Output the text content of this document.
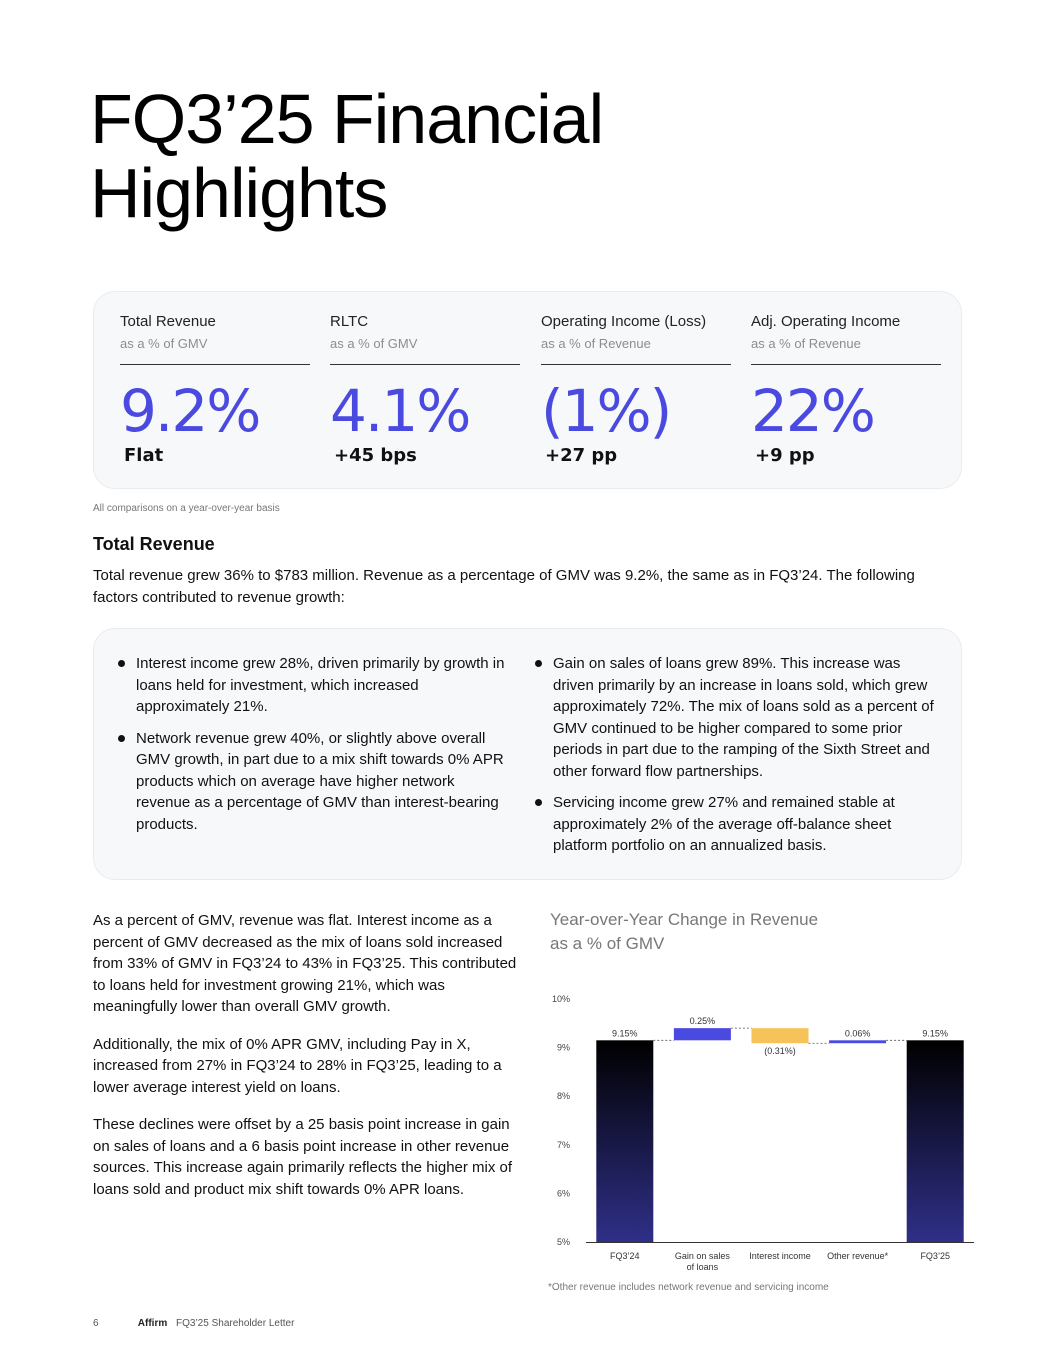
FQ3’25 Financial
Highlights
Total Revenue
as a % of GMV
9.2%
Flat
RLTC
as a % of GMV
4.1%
+45 bps
Operating Income (Loss)
as a % of Revenue
(1%)
+27 pp
Adj. Operating Income
as a % of Revenue
22%
+9 pp
All comparisons on a year-over-year basis
Total Revenue

Total revenue grew 36% to $783 million. Revenue as a percentage of GMV was 9.2%, the same as in FQ3’24. The following factors contributed to revenue growth:

Interest income grew 28%, driven primarily by growth in loans held for investment, which increased approximately 21%.
Network revenue grew 40%, or slightly above overall GMV growth, in part due to a mix shift towards 0% APR products which on average have higher network revenue as a percentage of GMV than interest-bearing products.
Gain on sales of loans grew 89%. This increase was driven primarily by an increase in loans sold, which grew approximately 72%. The mix of loans sold as a percent of GMV continued to be higher compared to some prior periods in part due to the ramping of the Sixth Street and other forward flow partnerships.
Servicing income grew 27% and remained stable at approximately 2% of the average off-balance sheet platform portfolio on an annualized basis.

As a percent of GMV, revenue was flat. Interest income as a percent of GMV decreased as the mix of loans sold increased from 33% of GMV in FQ3’24 to 43% in FQ3’25. This contributed to loans held for investment growing 21%, which was meaningfully lower than overall GMV growth.

Additionally, the mix of 0% APR GMV, including Pay in X, increased from 27% in FQ3’24 to 28% in FQ3’25, leading to a lower average interest yield on loans.

These declines were offset by a 25 basis point increase in gain on sales of loans and a 6 basis point increase in other revenue sources. This increase again primarily reflects the higher mix of loans sold and product mix shift towards 0% APR loans.

Year-over-Year Change in Revenue
as a % of GMV
5%
6%
7%
8%
9%
10%
9.15%
0.25%
(0.31%)
0.06%	9.15%
FQ3’24	Gain on sales
of loans
Interest income Other revenue*	FQ3’25
*Other revenue includes network revenue and servicing income
6	Affirm FQ3’25 Shareholder Letter
